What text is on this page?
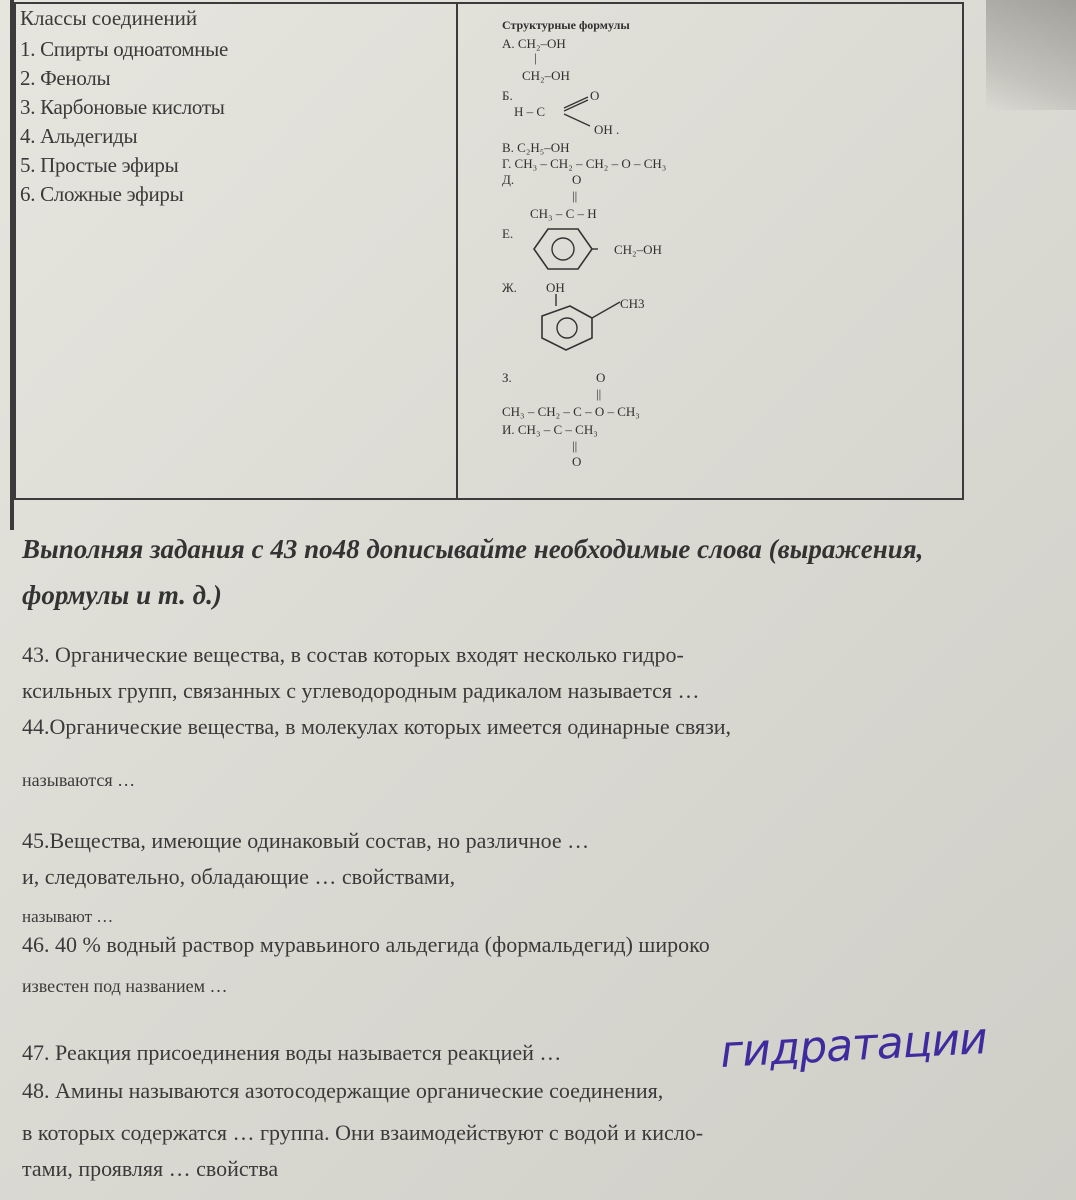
Классы соединений

1. Спирты одноатомные

2. Фенолы

3. Карбоновые кислоты

4. Альдегиды

5. Простые эфиры

6. Сложные эфиры

Структурные формулы
А. CH₂–OH
|
CH₂–OH
Б.	O
H – C
OH .
В. C₂H₅–OH
Г. CH₃ – CH₂ – CH₂ – O – CH₃
Д.	O
||
CH₃ – C – H
Е.
CH₂–OH
Ж. OH
CH3
З.	O
||
CH₃ – CH₂ – C – O – CH₃
И. CH₃ – C – CH₃
||
O
Выполняя задания с 43 по48 дописывайте необходимые слова (выражения, формулы и т. д.)
43. Органические вещества, в состав которых входят несколько гидро-
ксильных групп, связанных с углеводородным радикалом называется …
44.Органические вещества, в молекулах которых имеется одинарные связи,
называются …
45.Вещества, имеющие одинаковый состав, но различное …
и, следовательно, обладающие … свойствами,
называют …
46. 40 % водный раствор муравьиного альдегида (формальдегид) широко
известен под названием …
47. Реакция присоединения воды называется реакцией …	гидратации
48. Амины называются азотосодержащие органические соединения,
в которых содержатся … группа. Они взаимодействуют с водой и кисло-
тами, проявляя … свойства
